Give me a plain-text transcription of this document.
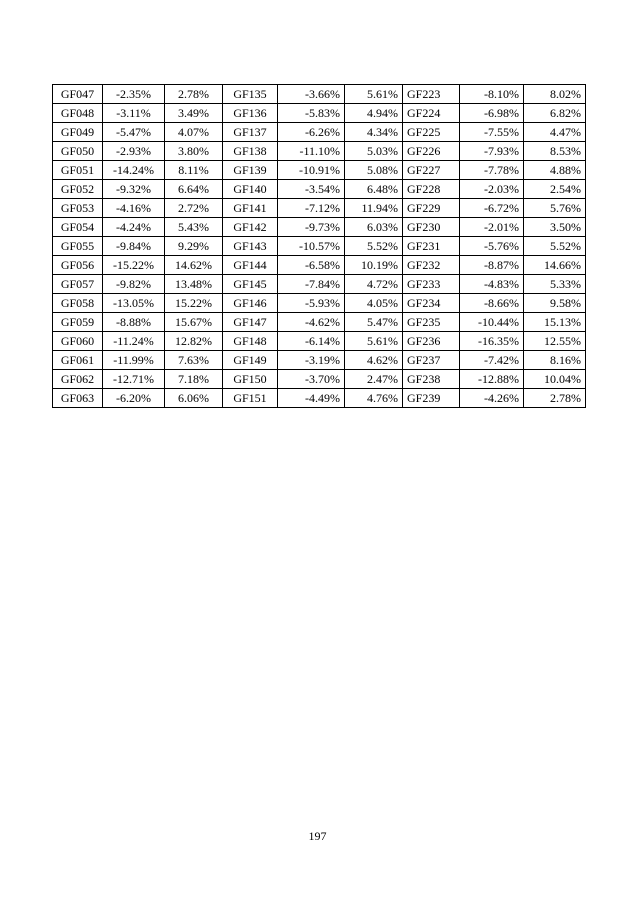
GF047	-2.35%	2.78%	GF135	-3.66%	5.61%	GF223	-8.10%	8.02%
GF048	-3.11%	3.49%	GF136	-5.83%	4.94%	GF224	-6.98%	6.82%
GF049	-5.47%	4.07%	GF137	-6.26%	4.34%	GF225	-7.55%	4.47%
GF050	-2.93%	3.80%	GF138	-11.10%	5.03%	GF226	-7.93%	8.53%
GF051	-14.24%	8.11%	GF139	-10.91%	5.08%	GF227	-7.78%	4.88%
GF052	-9.32%	6.64%	GF140	-3.54%	6.48%	GF228	-2.03%	2.54%
GF053	-4.16%	2.72%	GF141	-7.12%	11.94%	GF229	-6.72%	5.76%
GF054	-4.24%	5.43%	GF142	-9.73%	6.03%	GF230	-2.01%	3.50%
GF055	-9.84%	9.29%	GF143	-10.57%	5.52%	GF231	-5.76%	5.52%
GF056	-15.22%	14.62%	GF144	-6.58%	10.19%	GF232	-8.87%	14.66%
GF057	-9.82%	13.48%	GF145	-7.84%	4.72%	GF233	-4.83%	5.33%
GF058	-13.05%	15.22%	GF146	-5.93%	4.05%	GF234	-8.66%	9.58%
GF059	-8.88%	15.67%	GF147	-4.62%	5.47%	GF235	-10.44%	15.13%
GF060	-11.24%	12.82%	GF148	-6.14%	5.61%	GF236	-16.35%	12.55%
GF061	-11.99%	7.63%	GF149	-3.19%	4.62%	GF237	-7.42%	8.16%
GF062	-12.71%	7.18%	GF150	-3.70%	2.47%	GF238	-12.88%	10.04%
GF063	-6.20%	6.06%	GF151	-4.49%	4.76%	GF239	-4.26%	2.78%
197
